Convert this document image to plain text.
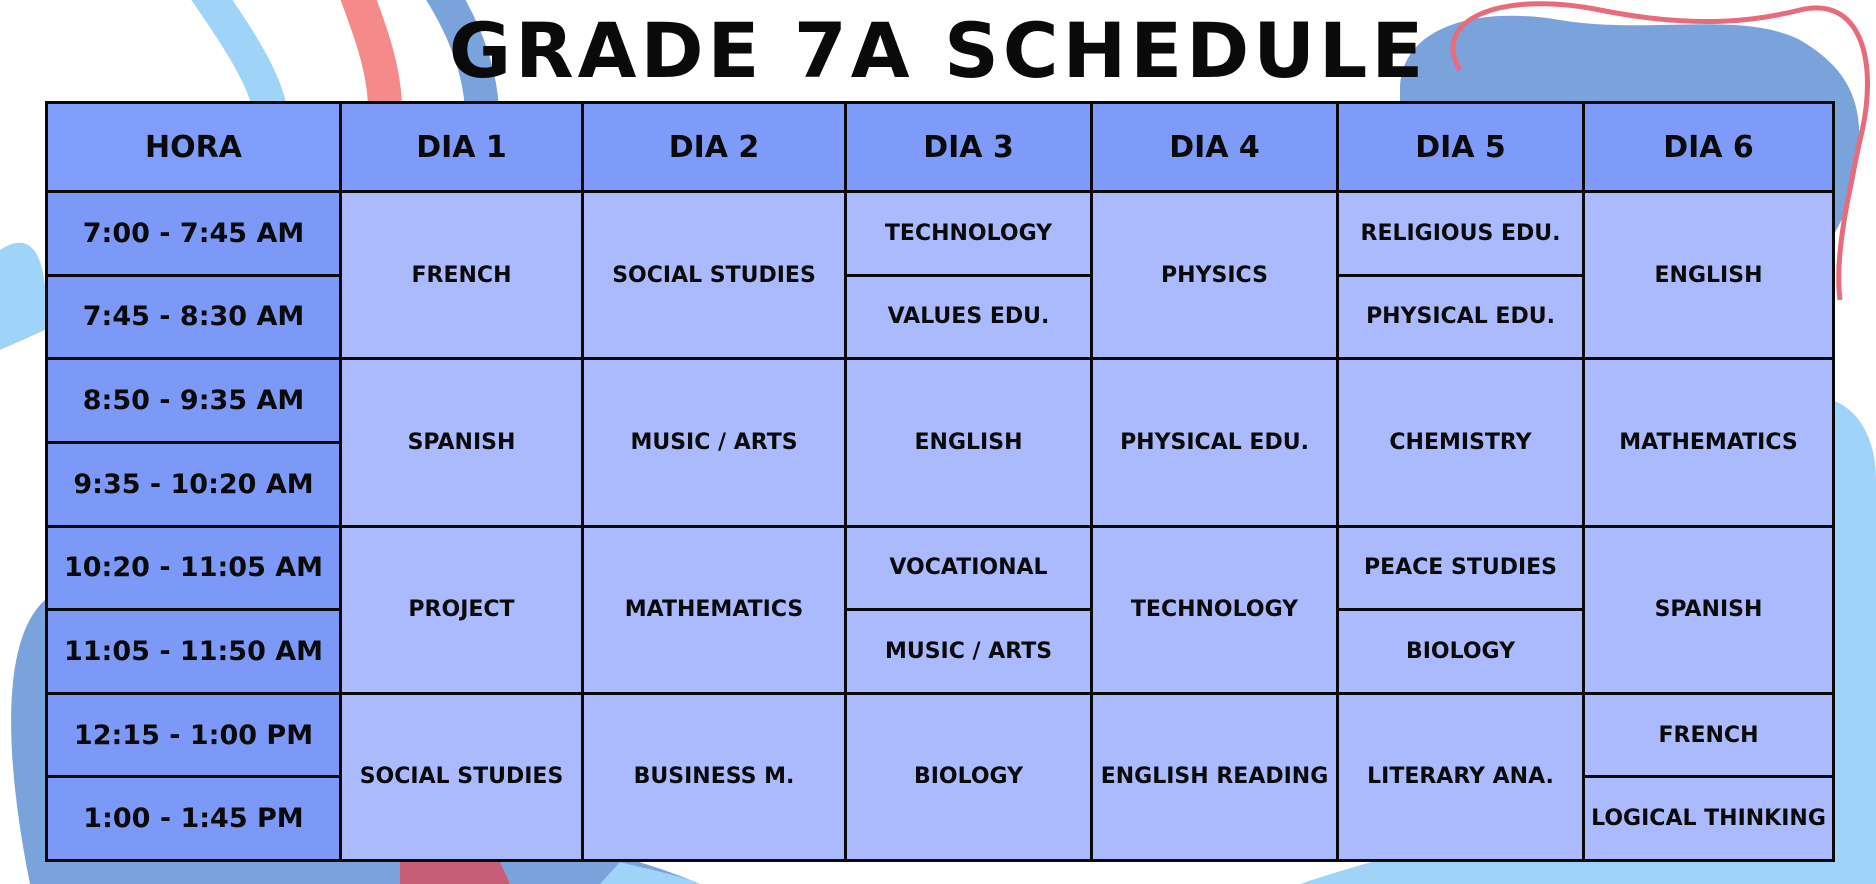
GRADE 7A SCHEDULE
HORA	DIA 1	DIA 2	DIA 3	DIA 4	DIA 5	DIA 6
7:00 - 7:45 AM	FRENCH	SOCIAL STUDIES	TECHNOLOGY	PHYSICS	RELIGIOUS EDU.	ENGLISH
7:45 - 8:30 AM			VALUES EDU.		PHYSICAL EDU.	
8:50 - 9:35 AM	SPANISH	MUSIC / ARTS	ENGLISH	PHYSICAL EDU.	CHEMISTRY	MATHEMATICS
9:35 - 10:20 AM						
10:20 - 11:05 AM	PROJECT	MATHEMATICS	VOCATIONAL	TECHNOLOGY	PEACE STUDIES	SPANISH
11:05 - 11:50 AM			MUSIC / ARTS		BIOLOGY	
12:15 - 1:00 PM	SOCIAL STUDIES	BUSINESS M.	BIOLOGY	ENGLISH READING	LITERARY ANA.	FRENCH
1:00 - 1:45 PM						LOGICAL THINKING
